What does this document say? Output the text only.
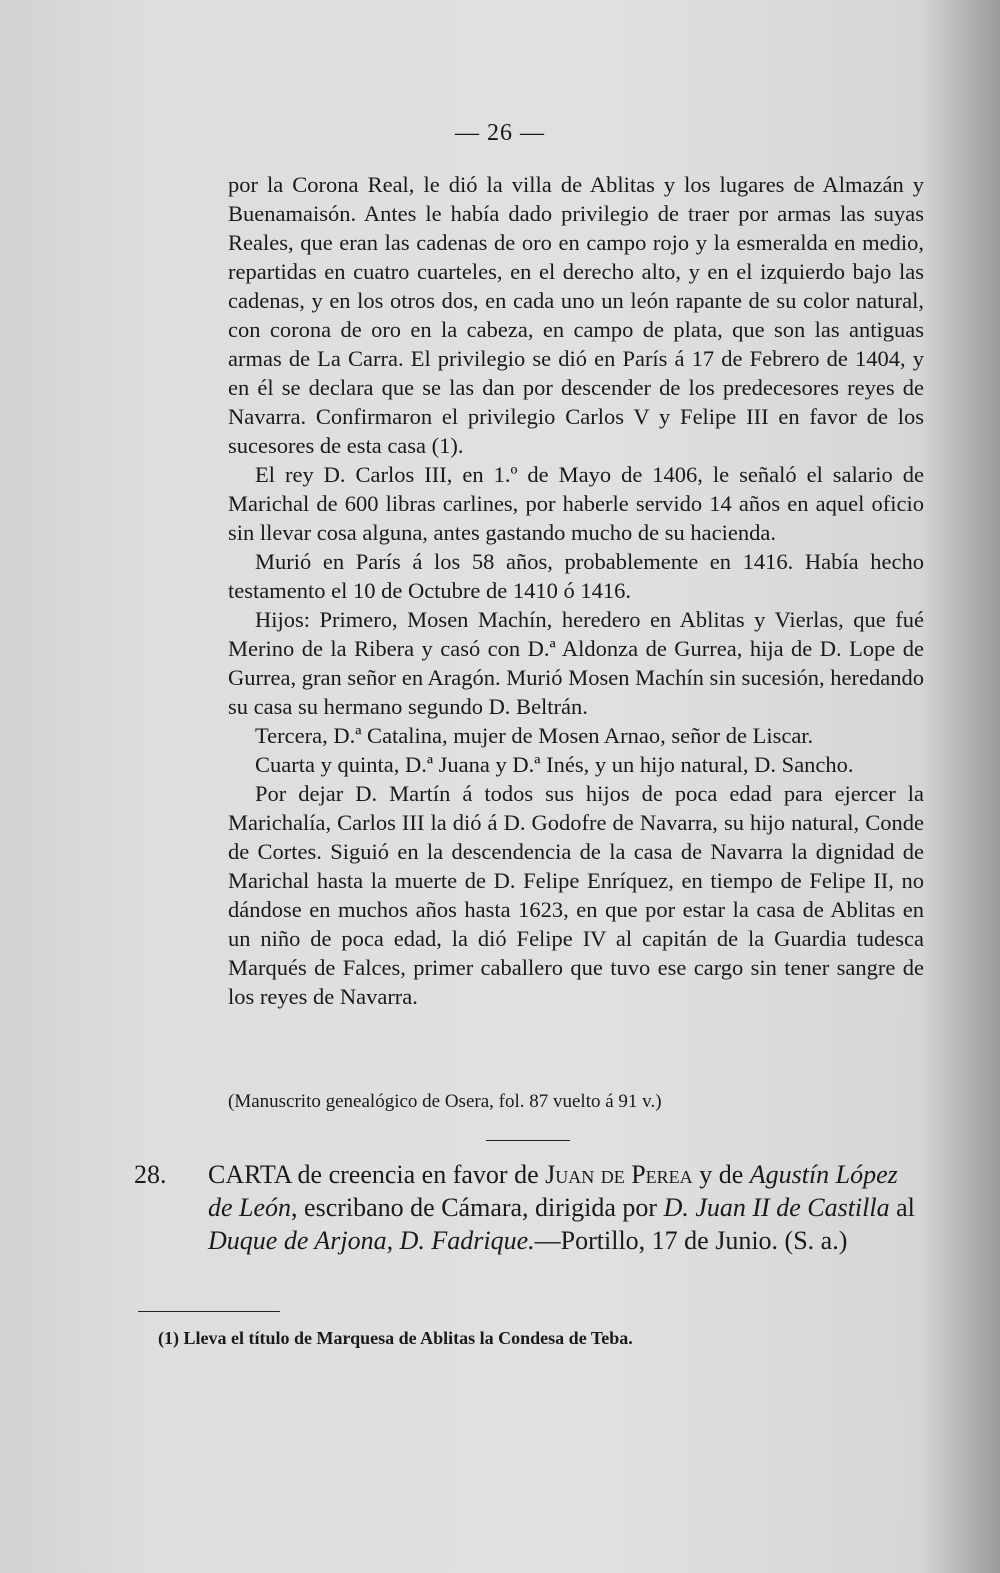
— 26 —

por la Corona Real, le dió la villa de Ablitas y los lugares de Almazán y Buenamaisón. Antes le había dado privilegio de traer por armas las suyas Reales, que eran las cadenas de oro en campo rojo y la esmeralda en medio, repartidas en cuatro cuarteles, en el derecho alto, y en el izquierdo bajo las cadenas, y en los otros dos, en cada uno un león rapante de su color natural, con corona de oro en la cabeza, en campo de plata, que son las antiguas armas de La Carra. El privilegio se dió en París á 17 de Febrero de 1404, y en él se declara que se las dan por descender de los predecesores reyes de Navarra. Confirmaron el privilegio Carlos V y Felipe III en favor de los sucesores de esta casa (1).

El rey D. Carlos III, en 1.º de Mayo de 1406, le señaló el salario de Marichal de 600 libras carlines, por haberle servido 14 años en aquel oficio sin llevar cosa alguna, antes gastando mucho de su hacienda.

Murió en París á los 58 años, probablemente en 1416. Había hecho testamento el 10 de Octubre de 1410 ó 1416.

Hijos: Primero, Mosen Machín, heredero en Ablitas y Vierlas, que fué Merino de la Ribera y casó con D.ª Aldonza de Gurrea, hija de D. Lope de Gurrea, gran señor en Aragón. Murió Mosen Machín sin sucesión, heredando su casa su hermano segundo D. Beltrán.

Tercera, D.ª Catalina, mujer de Mosen Arnao, señor de Liscar.

Cuarta y quinta, D.ª Juana y D.ª Inés, y un hijo natural, D. Sancho.

Por dejar D. Martín á todos sus hijos de poca edad para ejercer la Marichalía, Carlos III la dió á D. Godofre de Navarra, su hijo natural, Conde de Cortes. Siguió en la descendencia de la casa de Navarra la dignidad de Marichal hasta la muerte de D. Felipe Enríquez, en tiempo de Felipe II, no dándose en muchos años hasta 1623, en que por estar la casa de Ablitas en un niño de poca edad, la dió Felipe IV al capitán de la Guardia tudesca Marqués de Falces, primer caballero que tuvo ese cargo sin tener sangre de los reyes de Navarra.

(Manuscrito genealógico de Osera, fol. 87 vuelto á 91 v.)

28.	CARTA de creencia en favor de Juan de Perea y de Agustín López de León, escribano de Cámara, dirigida por D. Juan II de Castilla al Duque de Arjona, D. Fadrique.—Portillo, 17 de Junio. (S. a.)
(1) Lleva el título de Marquesa de Ablitas la Condesa de Teba.
